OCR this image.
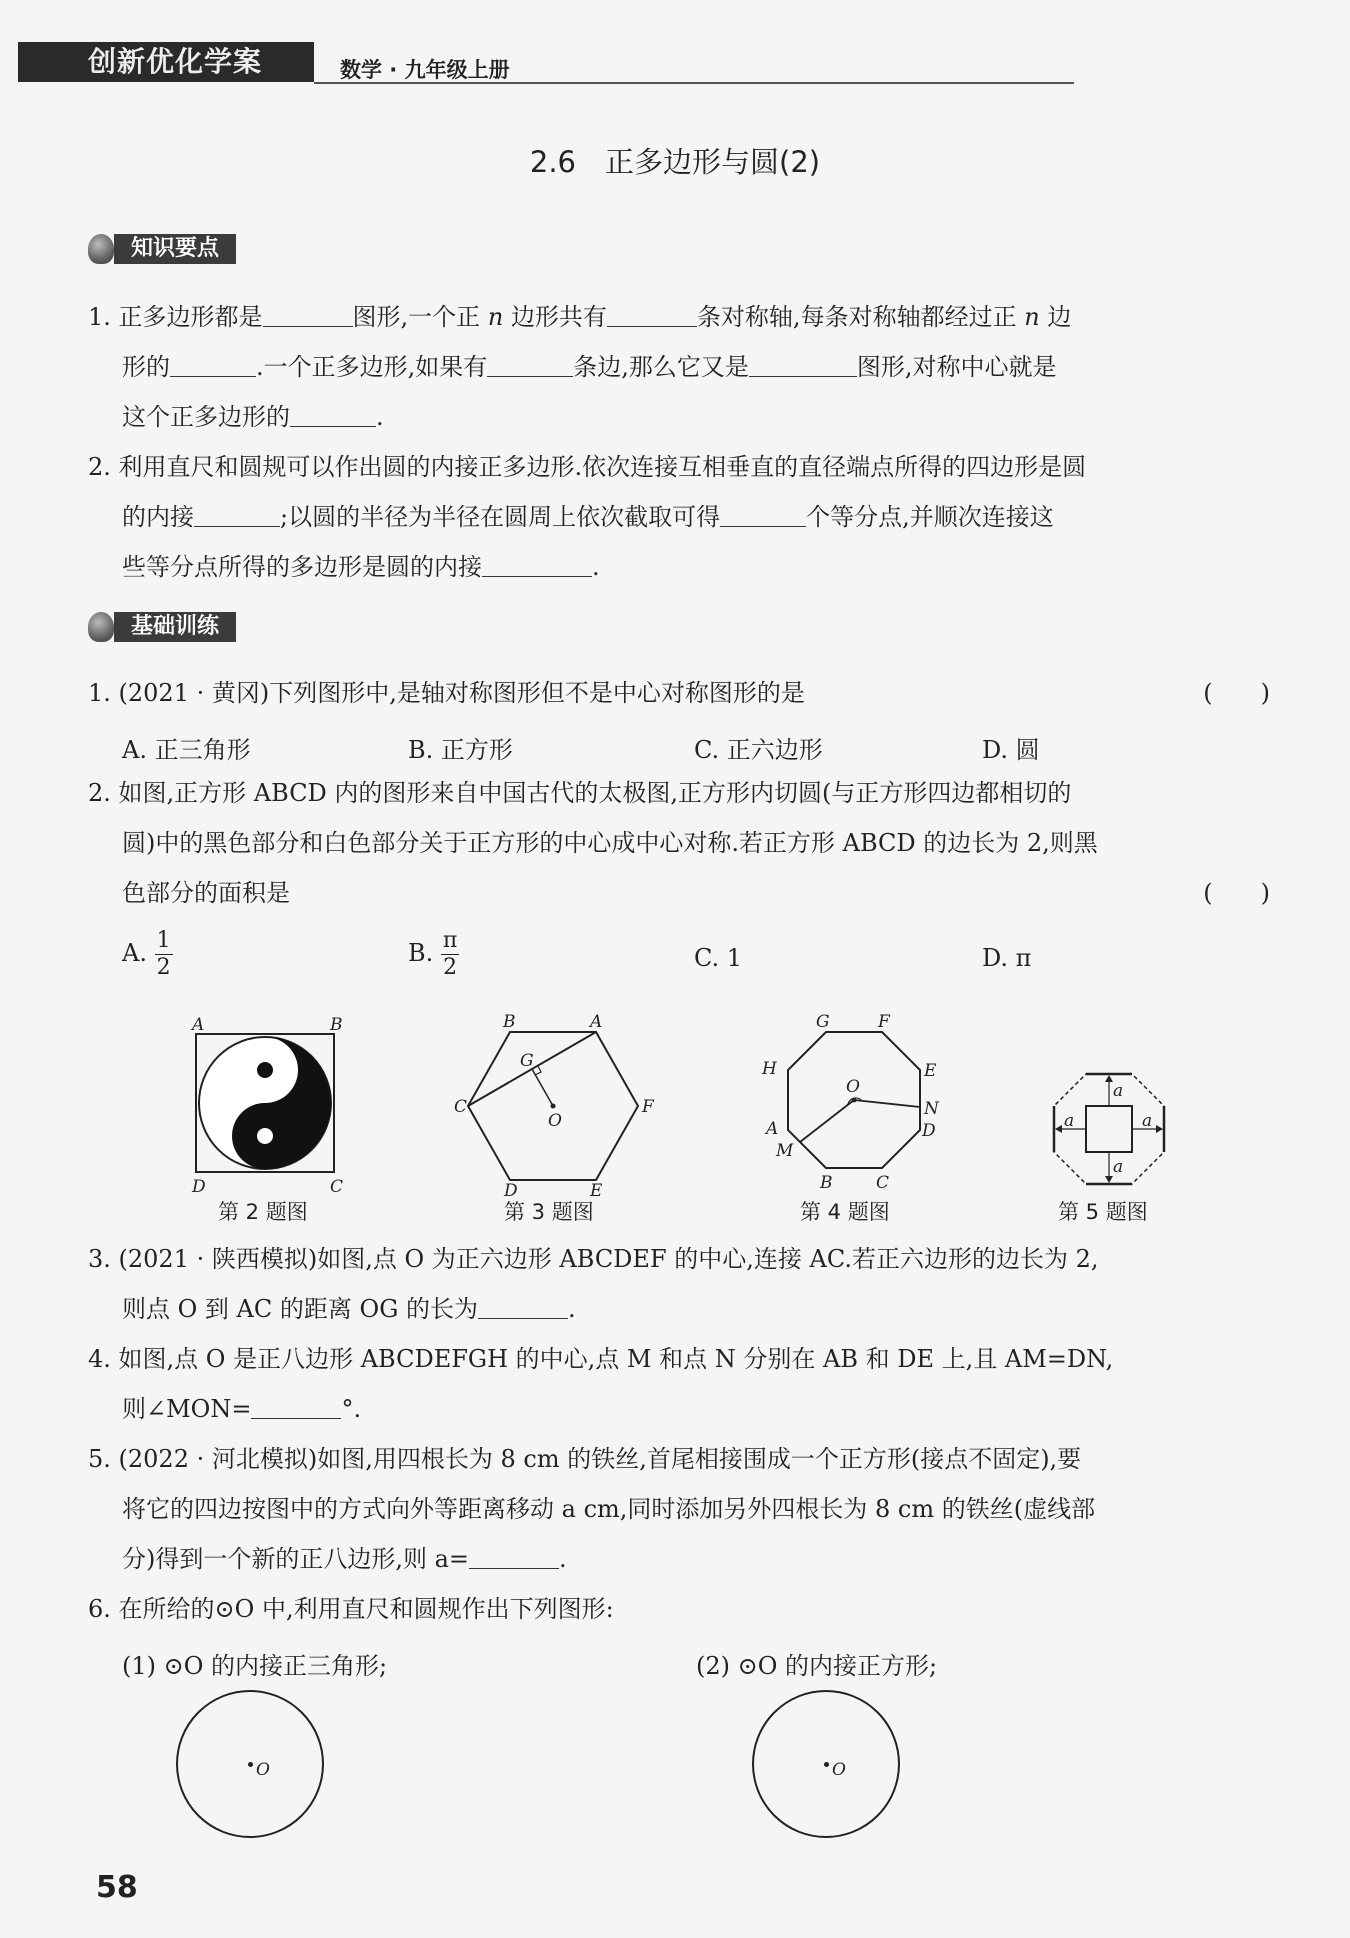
创新优化学案	数学 · 九年级上册
2.6　正多边形与圆(2)
知识要点
1. 正多边形都是	图形,一个正 n 边形共有	条对称轴,每条对称轴都经过正 n 边
形的	.一个正多边形,如果有	条边,那么它又是	图形,对称中心就是
这个正多边形的	.
2. 利用直尺和圆规可以作出圆的内接正多边形.依次连接互相垂直的直径端点所得的四边形是圆
的内接	;以圆的半径为半径在圆周上依次截取可得	个等分点,并顺次连接这
些等分点所得的多边形是圆的内接	.
基础训练
1. (2021 · 黄冈)下列图形中,是轴对称图形但不是中心对称图形的是	(　　)
A. 正三角形	B. 正方形	C. 正六边形	D. 圆
2. 如图,正方形 ABCD 内的图形来自中国古代的太极图,正方形内切圆(与正方形四边都相切的
圆)中的黑色部分和白色部分关于正方形的中心成中心对称.若正方形 ABCD 的边长为 2,则黑
色部分的面积是	(　　)
A. $\frac{1}{2}$	B. $\frac{\pi}{2}$	C. 1	D. π
A	B
D	C
第 2 题图
B	A
G
C
O
F
D	E
第 3 题图
G	F
H	E
O
N
A	D
M
B	C
第 4 题图
a
a
a	a
第 5 题图
3. (2021 · 陕西模拟)如图,点 O 为正六边形 ABCDEF 的中心,连接 AC.若正六边形的边长为 2,
则点 O 到 AC 的距离 OG 的长为	.
4. 如图,点 O 是正八边形 ABCDEFGH 的中心,点 M 和点 N 分别在 AB 和 DE 上,且 AM=DN,
则∠MON=	°.
5. (2022 · 河北模拟)如图,用四根长为 8 cm 的铁丝,首尾相接围成一个正方形(接点不固定),要
将它的四边按图中的方式向外等距离移动 a cm,同时添加另外四根长为 8 cm 的铁丝(虚线部
分)得到一个新的正八边形,则 a=	.
6. 在所给的⊙O 中,利用直尺和圆规作出下列图形:
(1) ⊙O 的内接正三角形;	(2) ⊙O 的内接正方形;
O	O
58
